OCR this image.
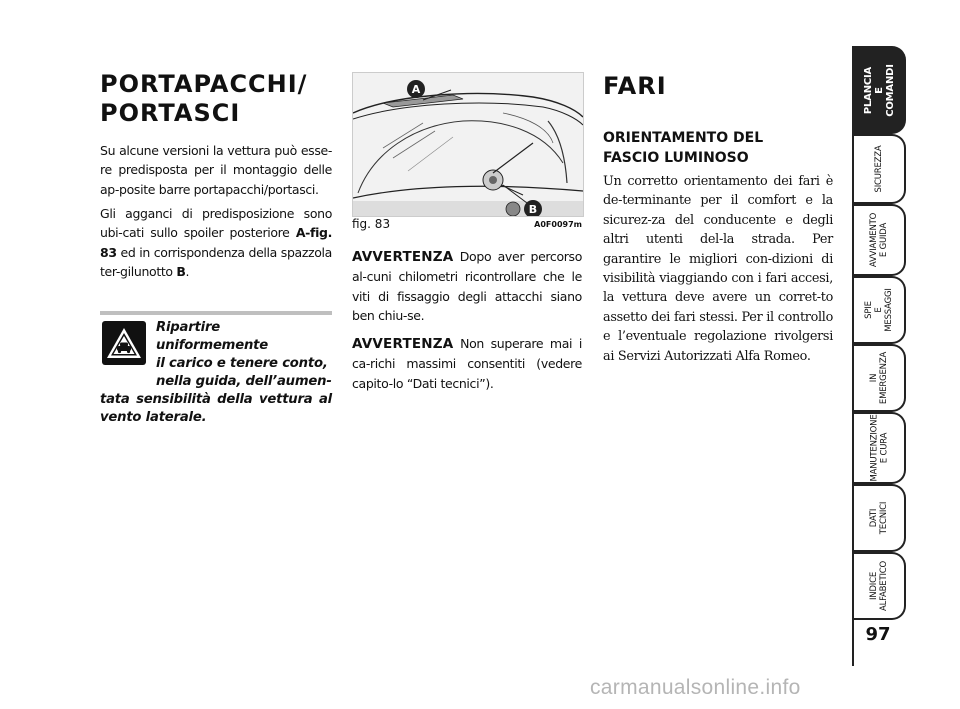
PORTAPACCHI/
PORTASCI

Su alcune versioni la vettura può esse-re predisposta per il montaggio delle ap-posite barre portapacchi/portasci.

Gli agganci di predisposizione sono ubi-cati sullo spoiler posteriore A-fig. 83 ed in corrispondenza della spazzola ter-gilunotto B.

Ripartire uniformemente
il carico e tenere conto,
nella guida, dell’aumen-
tata sensibilità della vettura al vento laterale.
A
B
fig. 83	A0F0097m

AVVERTENZA Dopo aver percorso al-cuni chilometri ricontrollare che le viti di fissaggio degli attacchi siano ben chiu-se.

AVVERTENZA Non superare mai i ca-richi massimi consentiti (vedere capito-lo “Dati tecnici”).

FARI
ORIENTAMENTO DEL
FASCIO LUMINOSO

Un corretto orientamento dei fari è de-terminante per il comfort e la sicurez-za del conducente e degli altri utenti del-la strada. Per garantire le migliori con-dizioni di visibilità viaggiando con i fari accesi, la vettura deve avere un corret-to assetto dei fari stessi. Per il controllo e l’eventuale regolazione rivolgersi ai Servizi Autorizzati Alfa Romeo.

PLANCIA
E COMANDI
SICUREZZA
AVVIAMENTO
E GUIDA
SPIE
E MESSAGGI
IN EMERGENZA
MANUTENZIONE
E CURA
DATI TECNICI
INDICE
ALFABETICO
97
carmanualsonline.info
